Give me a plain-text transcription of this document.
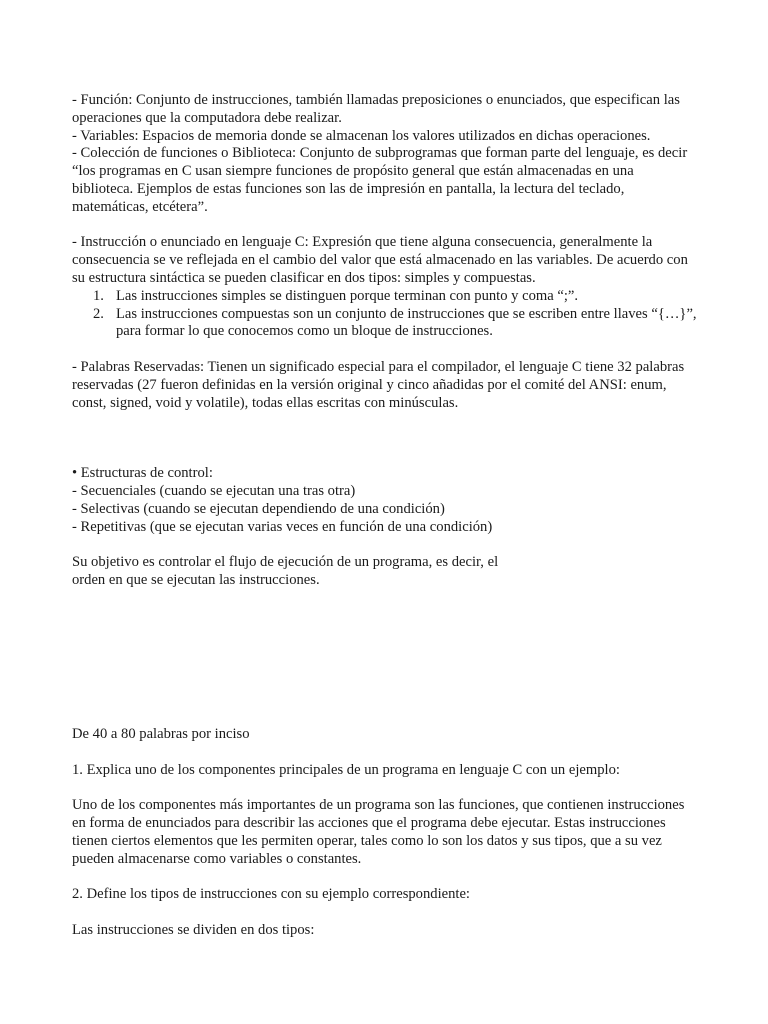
- Función: Conjunto de instrucciones, también llamadas preposiciones o enunciados, que especifican las operaciones que la computadora debe realizar.

- Variables: Espacios de memoria donde se almacenan los valores utilizados en dichas operaciones.

- Colección de funciones o Biblioteca: Conjunto de subprogramas que forman parte del lenguaje, es decir “los programas en C usan siempre funciones de propósito general que están almacenadas en una biblioteca. Ejemplos de estas funciones son las de impresión en pantalla, la lectura del teclado, matemáticas, etcétera”.

- Instrucción o enunciado en lenguaje C: Expresión que tiene alguna consecuencia, generalmente la consecuencia se ve reflejada en el cambio del valor que está almacenado en las variables. De acuerdo con su estructura sintáctica se pueden clasificar en dos tipos: simples y compuestas.

1. Las instrucciones simples se distinguen porque terminan con punto y coma “;”.
2. Las instrucciones compuestas son un conjunto de instrucciones que se escriben entre llaves “{…}”, para formar lo que conocemos como un bloque de instrucciones.

- Palabras Reservadas: Tienen un significado especial para el compilador, el lenguaje C tiene 32 palabras reservadas (27 fueron definidas en la versión original y cinco añadidas por el comité del ANSI: enum, const, signed, void y volatile), todas ellas escritas con minúsculas.

• Estructuras de control:

- Secuenciales (cuando se ejecutan una tras otra)

- Selectivas (cuando se ejecutan dependiendo de una condición)

- Repetitivas (que se ejecutan varias veces en función de una condición)

Su objetivo es controlar el flujo de ejecución de un programa, es decir, el orden en que se ejecutan las instrucciones.

De 40 a 80 palabras por inciso

1. Explica uno de los componentes principales de un programa en lenguaje C con un ejemplo:

Uno de los componentes más importantes de un programa son las funciones, que contienen instrucciones en forma de enunciados para describir las acciones que el programa debe ejecutar. Estas instrucciones tienen ciertos elementos que les permiten operar, tales como lo son los datos y sus tipos, que a su vez pueden almacenarse como variables o constantes.

2. Define los tipos de instrucciones con su ejemplo correspondiente:

Las instrucciones se dividen en dos tipos:
